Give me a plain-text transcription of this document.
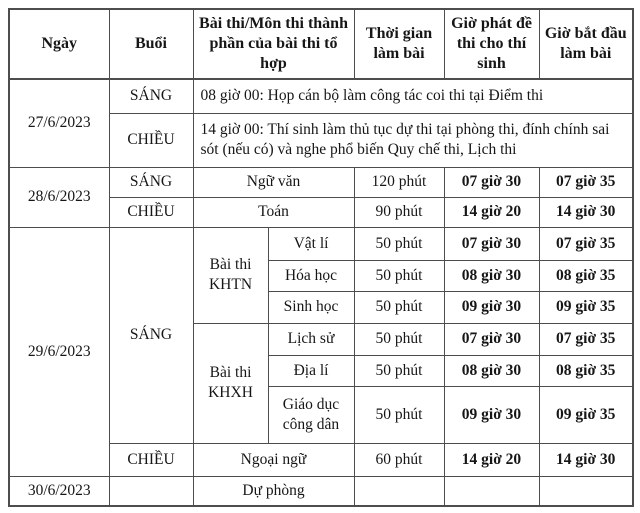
Ngày	Buổi	Bài thi/Môn thi thành phần của bài thi tổ hợp		Thời gian làm bài	Giờ phát đề thi cho thí sinh	Giờ bắt đầu làm bài
27/6/2023	SÁNG	08 giờ 00: Họp cán bộ làm công tác coi thi tại Điểm thi				
	CHIỀU	14 giờ 00: Thí sinh làm thủ tục dự thi tại phòng thi, đính chính sai sót (nếu có) và nghe phổ biến Quy chế thi, Lịch thi				
28/6/2023	SÁNG	Ngữ văn		120 phút	07 giờ 30	07 giờ 35
	CHIỀU	Toán		90 phút	14 giờ 20	14 giờ 30
29/6/2023	SÁNG	Bài thi KHTN	Vật lí	50 phút	07 giờ 30	07 giờ 35
			Hóa học	50 phút	08 giờ 30	08 giờ 35
			Sinh học	50 phút	09 giờ 30	09 giờ 35
		Bài thi KHXH	Lịch sử	50 phút	07 giờ 30	07 giờ 35
			Địa lí	50 phút	08 giờ 30	08 giờ 35
			Giáo dục công dân	50 phút	09 giờ 30	09 giờ 35
	CHIỀU	Ngoại ngữ		60 phút	14 giờ 20	14 giờ 30
30/6/2023		Dự phòng				
